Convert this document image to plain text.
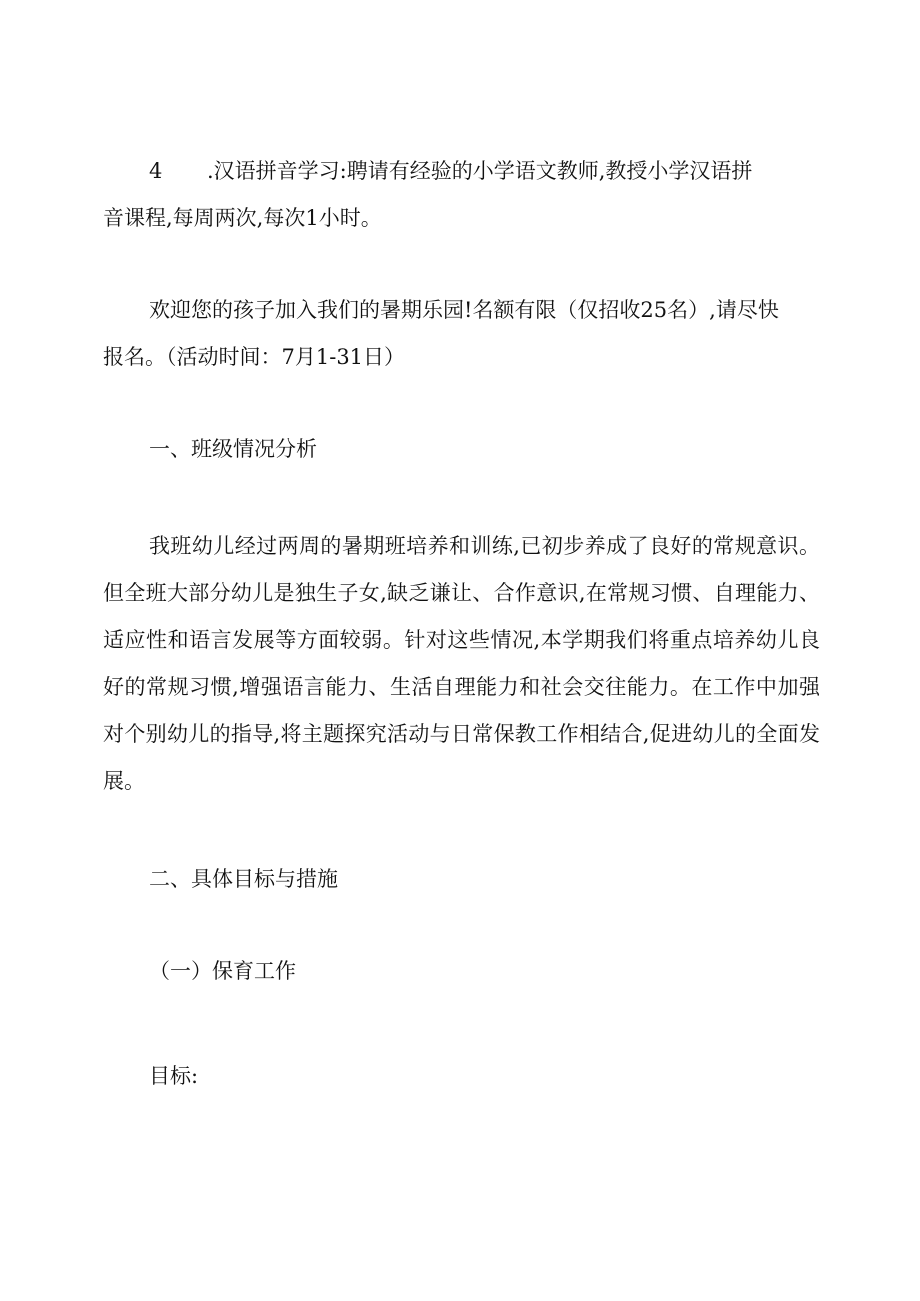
4 .汉语拼音学习:聘请有经验的小学语文教师,教授小学汉语拼
音课程,每周两次,每次1小时。
欢迎您的孩子加入我们的暑期乐园!名额有限（仅招收25名）,请尽快
报名。（活动时间：7月1-31日）
一、班级情况分析
我班幼儿经过两周的暑期班培养和训练,已初步养成了良好的常规意识。但全班大部分幼儿是独生子女,缺乏谦让、合作意识,在常规习惯、自理能力、适应性和语言发展等方面较弱。针对这些情况,本学期我们将重点培养幼儿良好的常规习惯,增强语言能力、生活自理能力和社会交往能力。在工作中加强对个别幼儿的指导,将主题探究活动与日常保教工作相结合,促进幼儿的全面发展。
二、具体目标与措施
（一）保育工作
目标:
